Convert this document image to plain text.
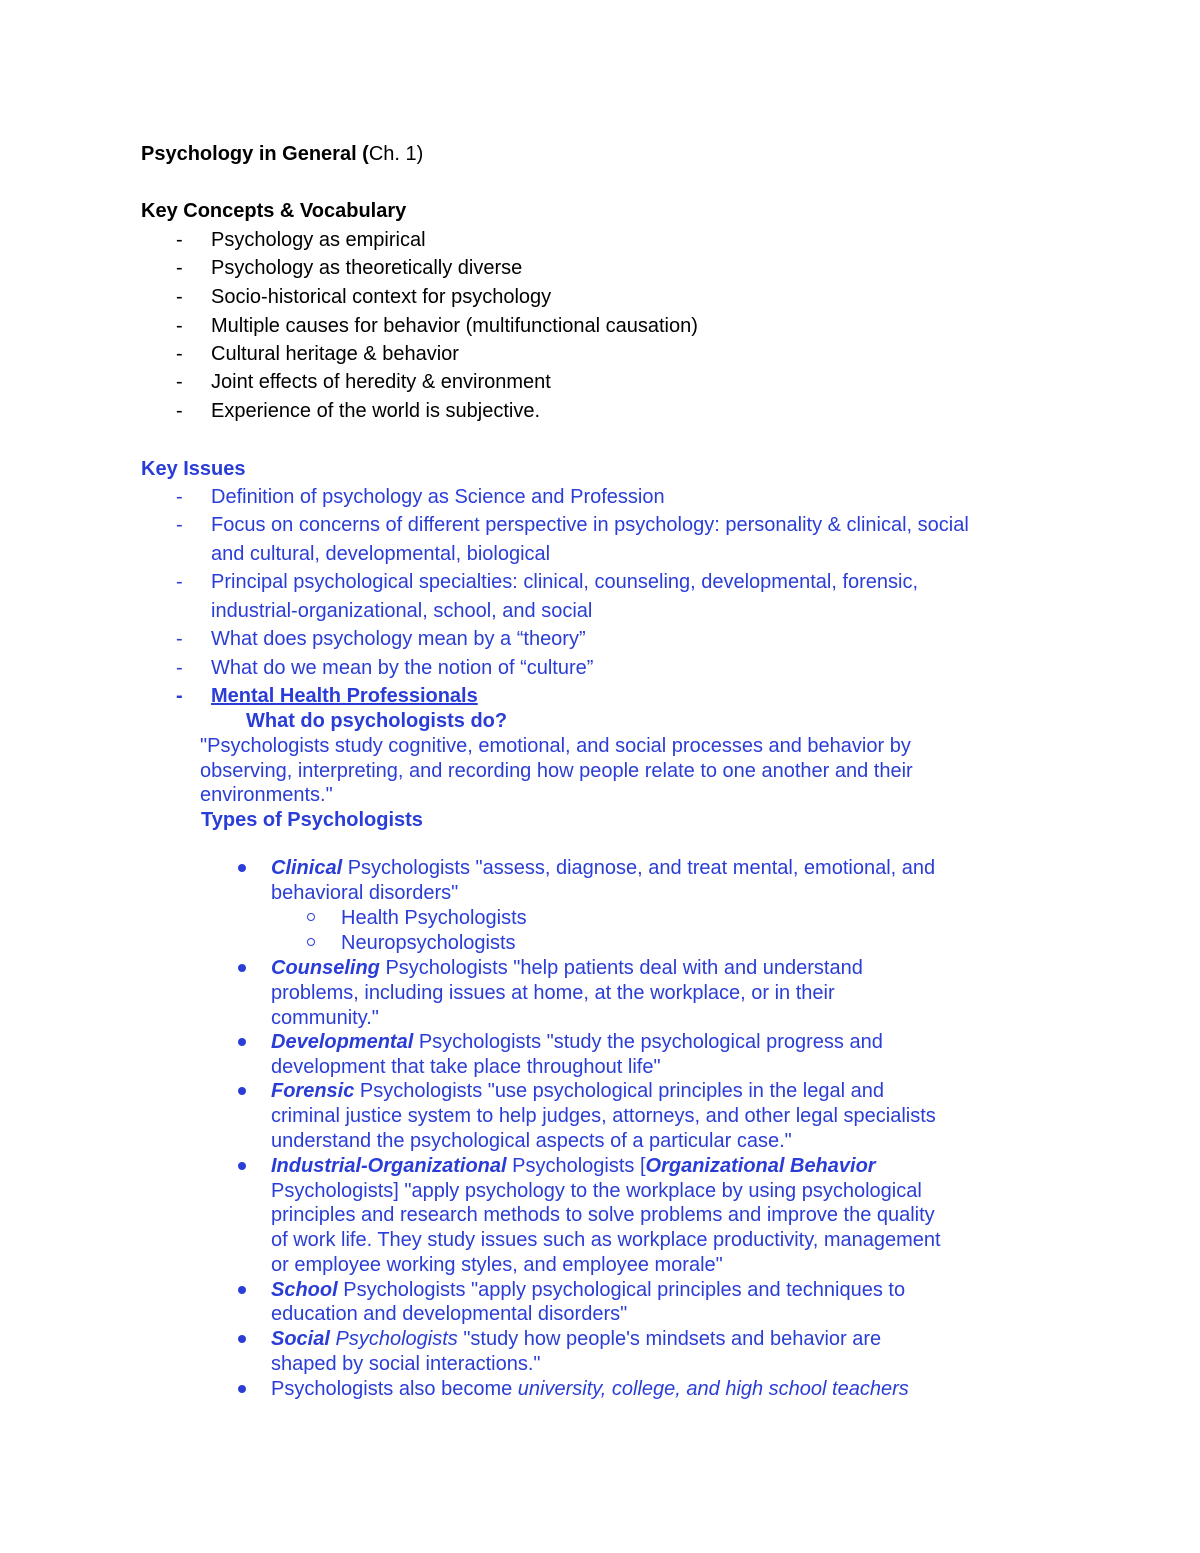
Psychology in General (Ch. 1)
Key Concepts & Vocabulary
- Psychology as empirical
- Psychology as theoretically diverse
- Socio-historical context for psychology
- Multiple causes for behavior (multifunctional causation)
- Cultural heritage & behavior
- Joint effects of heredity & environment
- Experience of the world is subjective.
Key Issues
- Definition of psychology as Science and Profession
- Focus on concerns of different perspective in psychology: personality & clinical, social
and cultural, developmental, biological
- Principal psychological specialties: clinical, counseling, developmental, forensic,
industrial-organizational, school, and social
- What does psychology mean by a “theory”
- What do we mean by the notion of “culture”
- Mental Health Professionals
What do psychologists do?
"Psychologists study cognitive, emotional, and social processes and behavior by
observing, interpreting, and recording how people relate to one another and their
environments."
Types of Psychologists
Clinical Psychologists "assess, diagnose, and treat mental, emotional, and
behavioral disorders"
Health Psychologists
Neuropsychologists
Counseling Psychologists "help patients deal with and understand
problems, including issues at home, at the workplace, or in their
community."
Developmental Psychologists "study the psychological progress and
development that take place throughout life"
Forensic Psychologists "use psychological principles in the legal and
criminal justice system to help judges, attorneys, and other legal specialists
understand the psychological aspects of a particular case."
Industrial-Organizational Psychologists [Organizational Behavior
Psychologists] "apply psychology to the workplace by using psychological
principles and research methods to solve problems and improve the quality
of work life. They study issues such as workplace productivity, management
or employee working styles, and employee morale"
School Psychologists "apply psychological principles and techniques to
education and developmental disorders"
Social Psychologists "study how people's mindsets and behavior are
shaped by social interactions."
Psychologists also become university, college, and high school teachers
